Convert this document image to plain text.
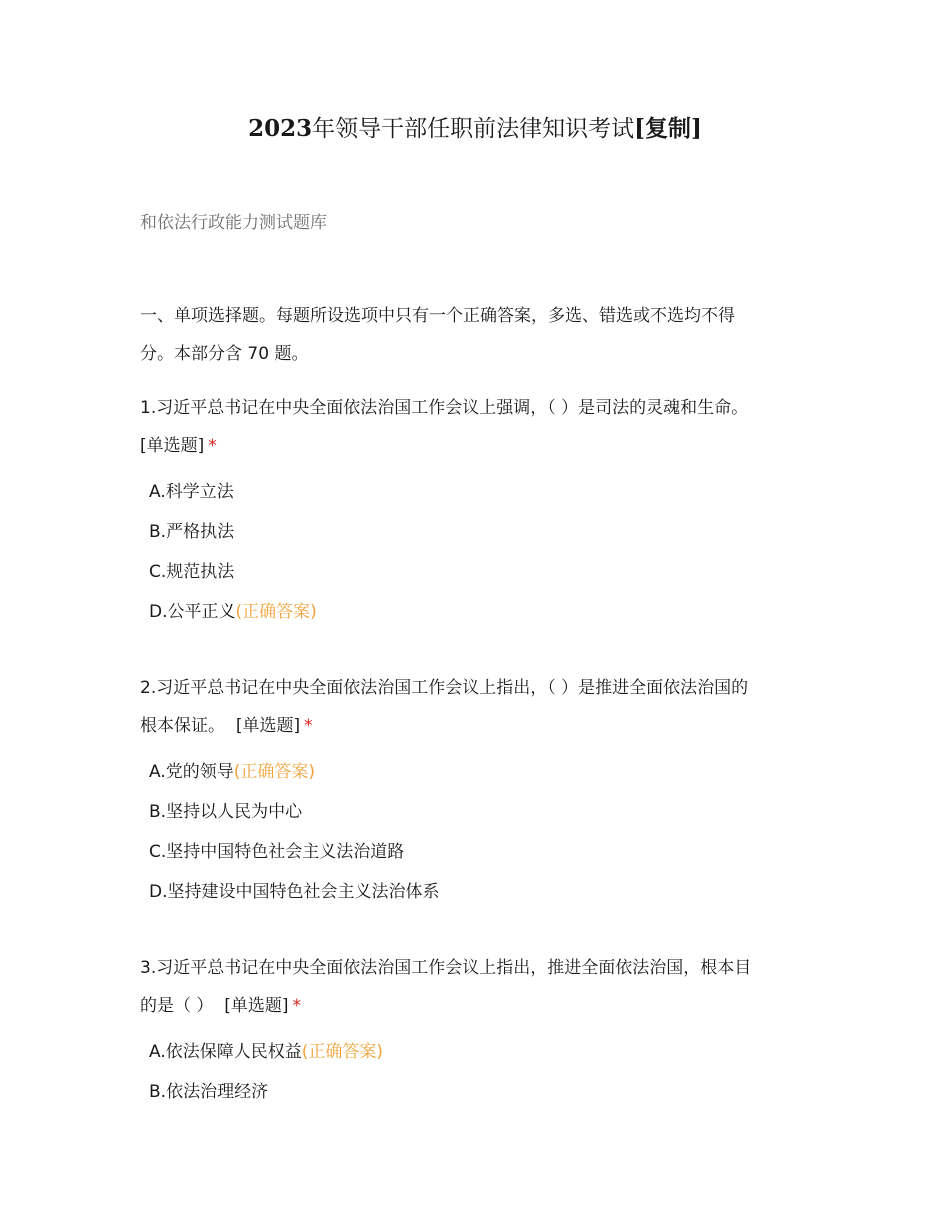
2023年领导干部任职前法律知识考试[复制]
和依法行政能力测试题库
一、单项选择题。每题所设选项中只有一个正确答案，多选、错选或不选均不得
分。本部分含 70 题。
1.习近平总书记在中央全面依法治国工作会议上强调，（ ）是司法的灵魂和生命。
[单选题] *
A.科学立法
B.严格执法
C.规范执法
D.公平正义(正确答案)
2.习近平总书记在中央全面依法治国工作会议上指出，（ ）是推进全面依法治国的
根本保证。 [单选题] *
A.党的领导(正确答案)
B.坚持以人民为中心
C.坚持中国特色社会主义法治道路
D.坚持建设中国特色社会主义法治体系
3.习近平总书记在中央全面依法治国工作会议上指出，推进全面依法治国，根本目
的是（ ） [单选题] *
A.依法保障人民权益(正确答案)
B.依法治理经济
